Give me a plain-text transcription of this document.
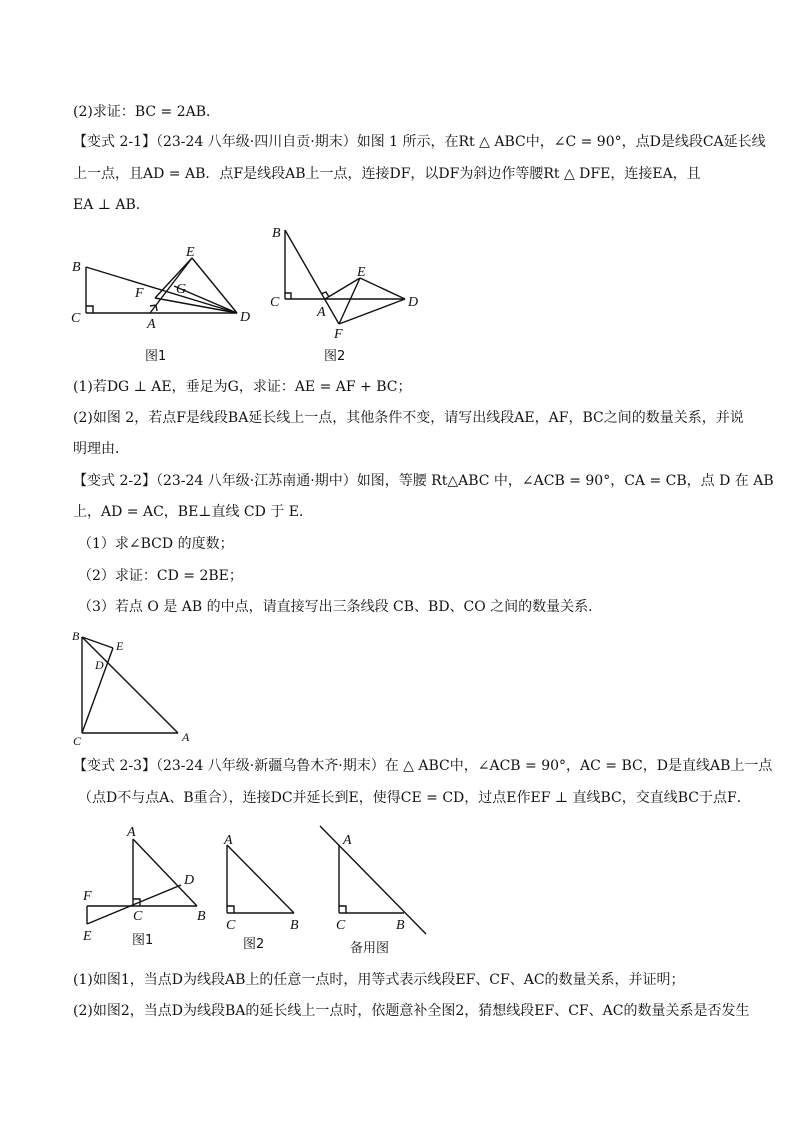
(2)求证：BC = 2AB．
【变式 2-1】（23-24 八年级·四川自贡·期末）如图 1 所示，在Rt △ ABC中，∠C = 90°，点D是线段CA延长线
上一点，且AD = AB．点F是线段AB上一点，连接DF，以DF为斜边作等腰Rt △ DFE，连接EA，且
EA ⊥ AB．
(1)若DG ⊥ AE，垂足为G，求证：AE = AF + BC；
(2)如图 2，若点F是线段BA延长线上一点，其他条件不变，请写出线段AE，AF，BC之间的数量关系，并说
明理由．
【变式 2-2】（23-24 八年级·江苏南通·期中）如图，等腰 Rt△ABC 中，∠ACB = 90°，CA = CB，点 D 在 AB
上，AD = AC，BE⊥直线 CD 于 E．
（1）求∠BCD 的度数；
（2）求证：CD = 2BE；
（3）若点 O 是 AB 的中点，请直接写出三条线段 CB、BD、CO 之间的数量关系．
【变式 2-3】（23-24 八年级·新疆乌鲁木齐·期末）在 △ ABC中，∠ACB = 90°，AC = BC，D是直线AB上一点
（点D不与点A、B重合），连接DC并延长到E，使得CE = CD，过点E作EF ⊥ 直线BC，交直线BC于点F．
(1)如图1，当点D为线段AB上的任意一点时，用等式表示线段EF、CF、AC的数量关系，并证明；
(2)如图2，当点D为线段BA的延长线上一点时，依题意补全图2，猜想线段EF、CF、AC的数量关系是否发生
B
E
F G
C	A	D
图1
B
E
C
A
D
F
图2
B
E
D
C	A
A
D
F
C	B
E	图1
A
C	B
图2
A
C	B
备用图
